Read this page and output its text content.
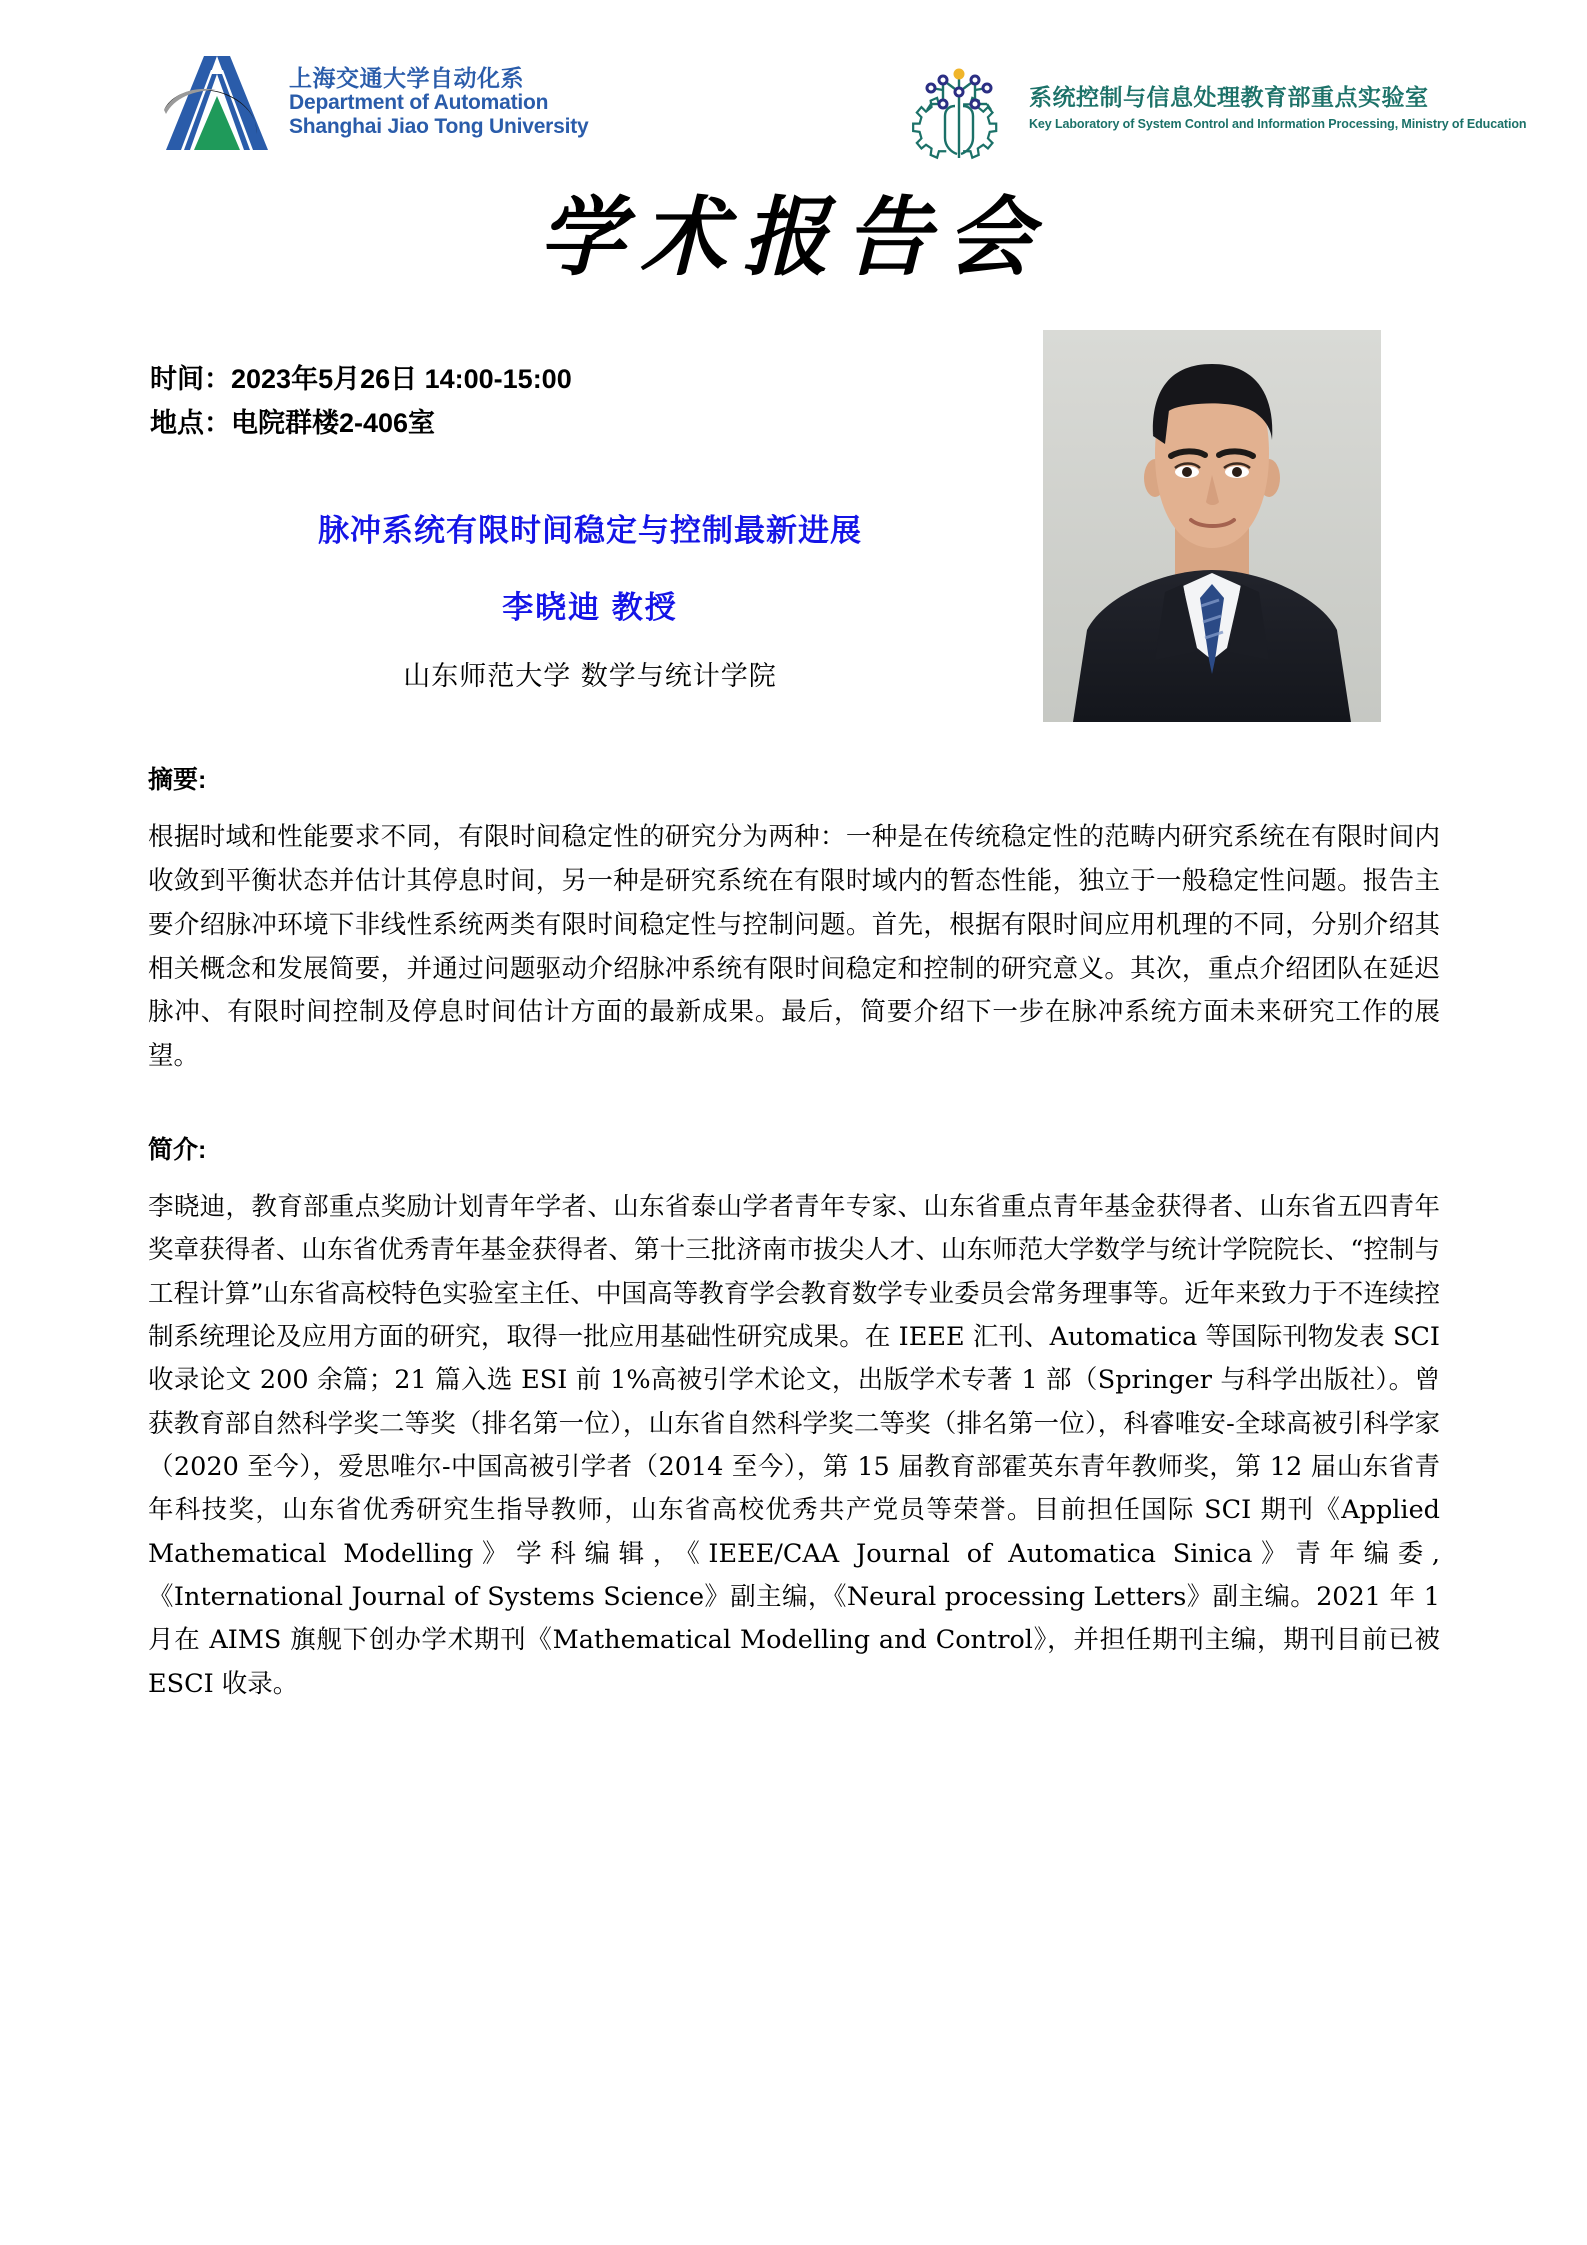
上海交通大学自动化系
Department of Automation
Shanghai Jiao Tong University
系统控制与信息处理教育部重点实验室
Key Laboratory of System Control and Information Processing, Ministry of Education
学术报告会
时间：2023年5月26日 14:00-15:00
地点：电院群楼2-406室
脉冲系统有限时间稳定与控制最新进展
李晓迪 教授
山东师范大学 数学与统计学院
摘要:
根据时域和性能要求不同，有限时间稳定性的研究分为两种：一种是在传统稳定性的范畴内研究系统在有限时间内收敛到平衡状态并估计其停息时间，另一种是研究系统在有限时域内的暂态性能，独立于一般稳定性问题。报告主要介绍脉冲环境下非线性系统两类有限时间稳定性与控制问题。首先，根据有限时间应用机理的不同，分别介绍其相关概念和发展简要，并通过问题驱动介绍脉冲系统有限时间稳定和控制的研究意义。其次，重点介绍团队在延迟脉冲、有限时间控制及停息时间估计方面的最新成果。最后，简要介绍下一步在脉冲系统方面未来研究工作的展望。
简介:
李晓迪，教育部重点奖励计划青年学者、山东省泰山学者青年专家、山东省重点青年基金获得者、山东省五四青年奖章获得者、山东省优秀青年基金获得者、第十三批济南市拔尖人才、山东师范大学数学与统计学院院长、“控制与工程计算”山东省高校特色实验室主任、中国高等教育学会教育数学专业委员会常务理事等。近年来致力于不连续控制系统理论及应用方面的研究，取得一批应用基础性研究成果。在 IEEE 汇刊、Automatica 等国际刊物发表 SCI 收录论文 200 余篇；21 篇入选 ESI 前 1%高被引学术论文，出版学术专著 1 部（Springer 与科学出版社）。曾获教育部自然科学奖二等奖（排名第一位），山东省自然科学奖二等奖（排名第一位），科睿唯安-全球高被引科学家（2020 至今），爱思唯尔-中国高被引学者（2014 至今），第 15 届教育部霍英东青年教师奖，第 12 届山东省青年科技奖，山东省优秀研究生指导教师，山东省高校优秀共产党员等荣誉。目前担任国际 SCI 期刊《Applied Mathematical Modelling》学科编辑，《IEEE/CAA Journal of Automatica Sinica》青年编委,《International Journal of Systems Science》副主编，《Neural processing Letters》副主编。2021 年 1 月在 AIMS 旗舰下创办学术期刊《Mathematical Modelling and Control》，并担任期刊主编，期刊目前已被 ESCI 收录。
